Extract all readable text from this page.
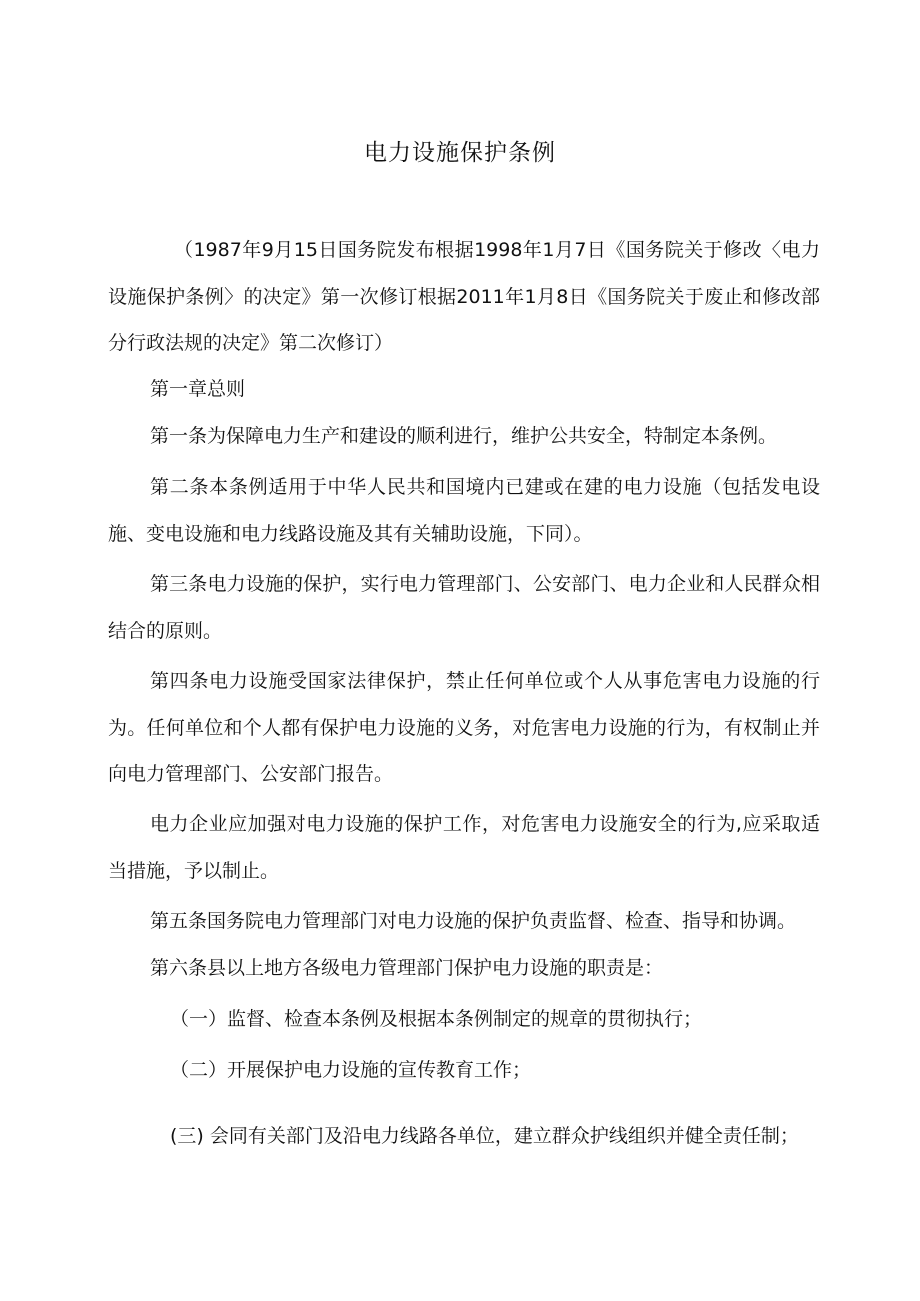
电力设施保护条例

（1987年9月15日国务院发布根据1998年1月7日《国务院关于修改〈电力设施保护条例〉的决定》第一次修订根据2011年1月8日《国务院关于废止和修改部分行政法规的决定》第二次修订）

第一章总则

第一条为保障电力生产和建设的顺利进行，维护公共安全，特制定本条例。

第二条本条例适用于中华人民共和国境内已建或在建的电力设施（包括发电设施、变电设施和电力线路设施及其有关辅助设施，下同）。

第三条电力设施的保护，实行电力管理部门、公安部门、电力企业和人民群众相结合的原则。

第四条电力设施受国家法律保护，禁止任何单位或个人从事危害电力设施的行为。任何单位和个人都有保护电力设施的义务，对危害电力设施的行为，有权制止并向电力管理部门、公安部门报告。

电力企业应加强对电力设施的保护工作，对危害电力设施安全的行为,应采取适当措施，予以制止。

第五条国务院电力管理部门对电力设施的保护负责监督、检查、指导和协调。

第六条县以上地方各级电力管理部门保护电力设施的职责是：

（一）监督、检查本条例及根据本条例制定的规章的贯彻执行；

（二）开展保护电力设施的宣传教育工作；

(三) 会同有关部门及沿电力线路各单位，建立群众护线组织并健全责任制；
